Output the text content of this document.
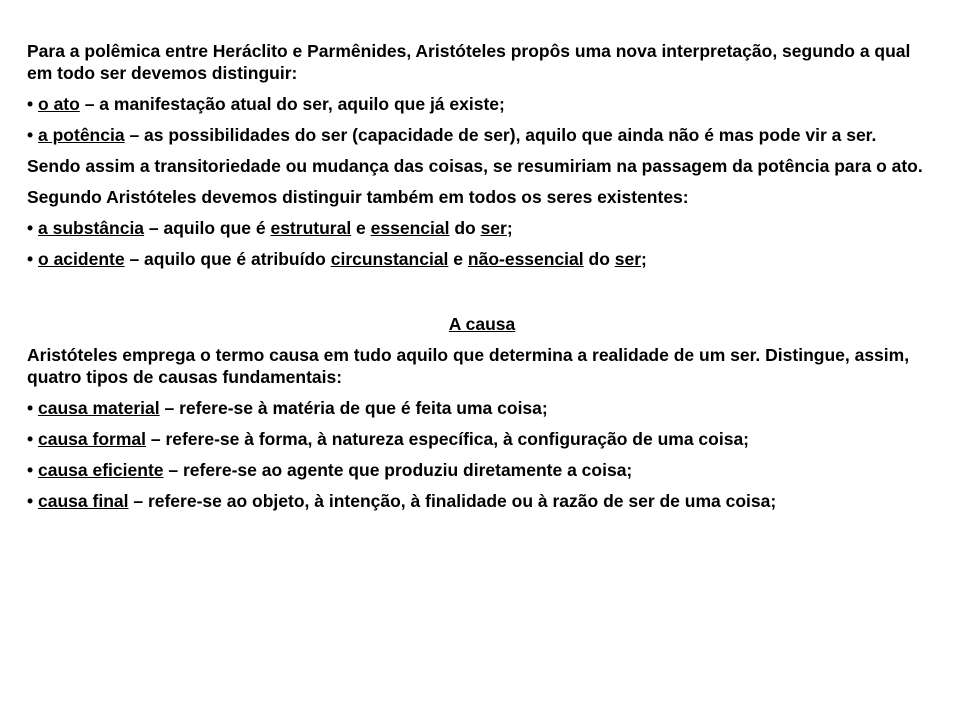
Para a polêmica entre Heráclito e Parmênides, Aristóteles propôs uma nova interpretação, segundo a qual em todo ser devemos distinguir:

• o ato – a manifestação atual do ser, aquilo que já existe;

• a potência – as possibilidades do ser (capacidade de ser), aquilo que ainda não é mas pode vir a ser.

Sendo assim a transitoriedade ou mudança das coisas, se resumiriam na passagem da potência para o ato.

Segundo Aristóteles devemos distinguir também em todos os seres existentes:

• a substância – aquilo que é estrutural e essencial do ser;

• o acidente – aquilo que é atribuído circunstancial e não-essencial do ser;

A causa

Aristóteles emprega o termo causa em tudo aquilo que determina a realidade de um ser. Distingue, assim, quatro tipos de causas fundamentais:

• causa material – refere-se à matéria de que é feita uma coisa;

• causa formal – refere-se à forma, à natureza específica, à configuração de uma coisa;

• causa eficiente – refere-se ao agente que produziu diretamente a coisa;

• causa final – refere-se ao objeto, à intenção, à finalidade ou à razão de ser de uma coisa;
